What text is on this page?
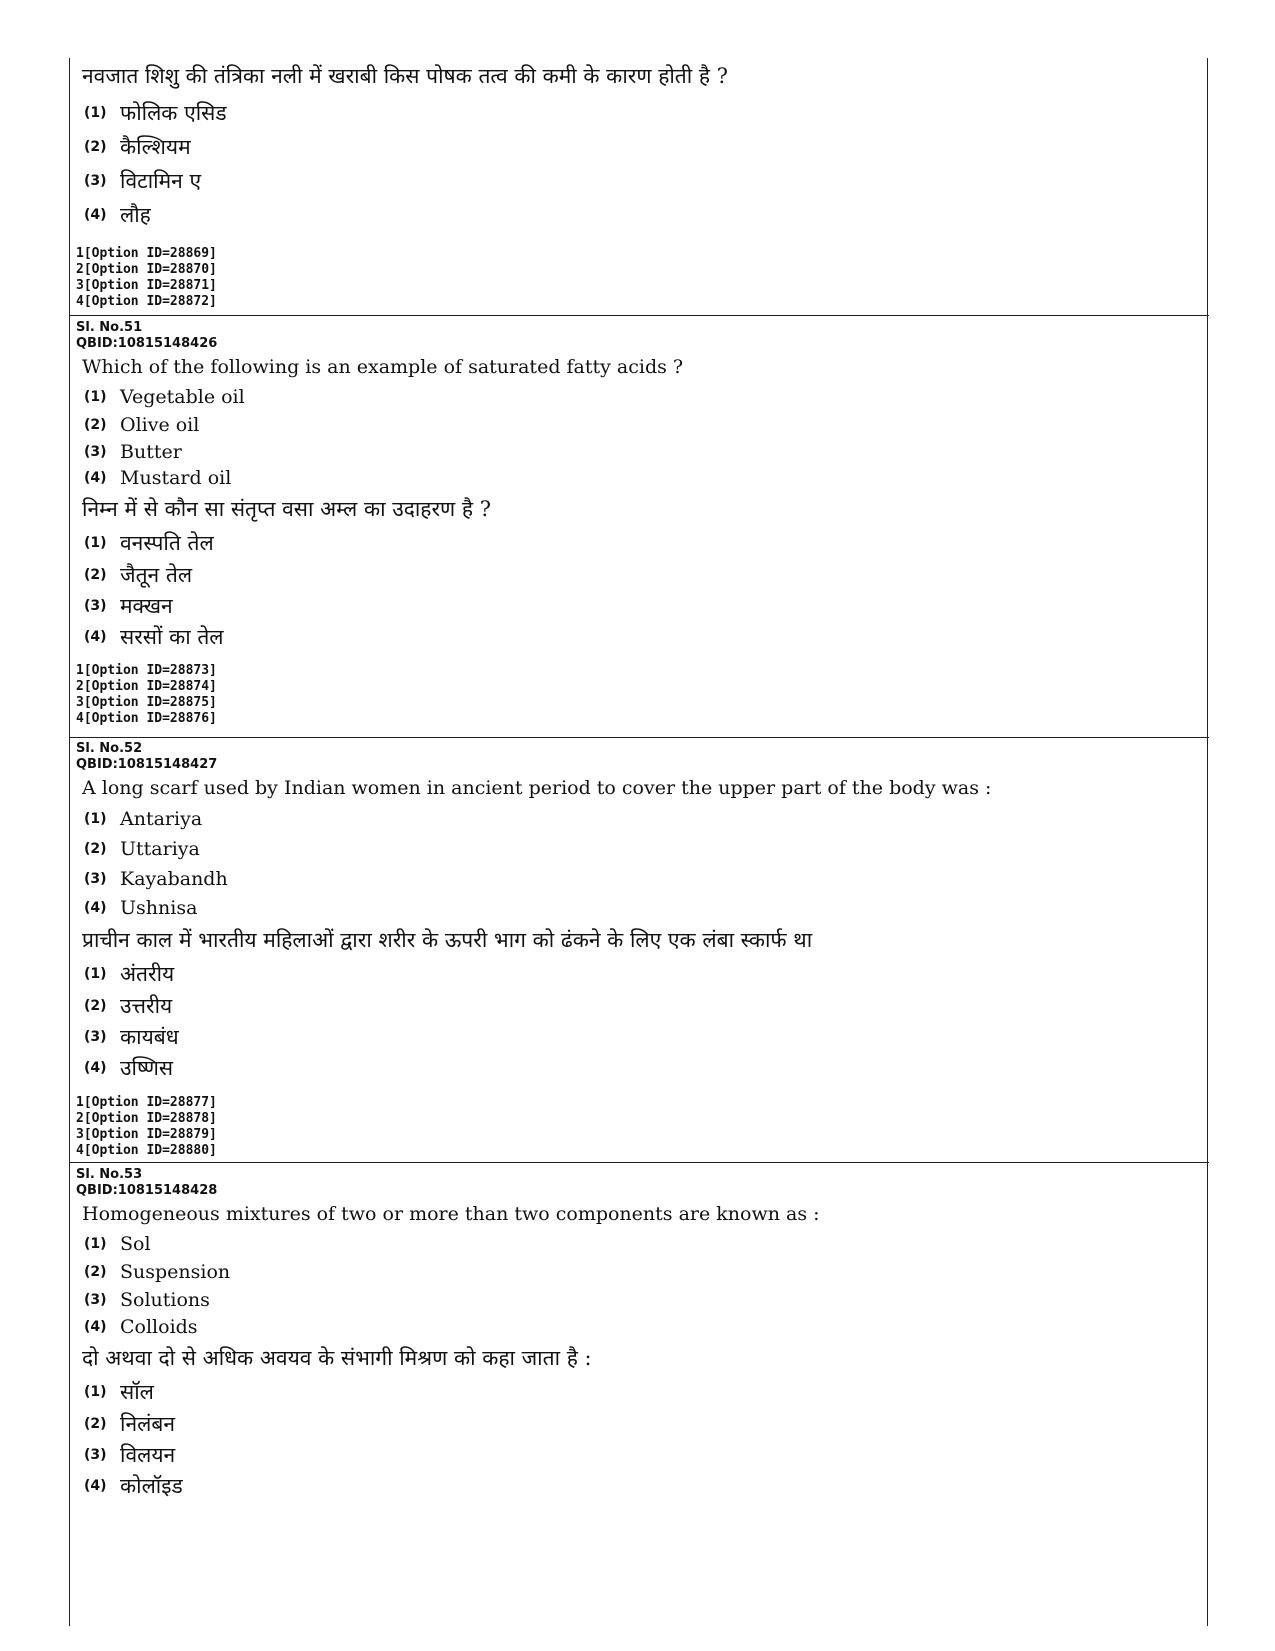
नवजात शिशु की तंत्रिका नली में खराबी किस पोषक तत्व की कमी के कारण होती है ?
(1) फोलिक एसिड
(2) कैल्शियम
(3) विटामिन ए
(4) लौह
1[Option ID=28869]
2[Option ID=28870]
3[Option ID=28871]
4[Option ID=28872]
Sl. No.51
QBID:10815148426
Which of the following is an example of saturated fatty acids ?
(1) Vegetable oil
(2) Olive oil
(3) Butter
(4) Mustard oil
निम्न में से कौन सा संतृप्त वसा अम्ल का उदाहरण है ?
(1) वनस्पति तेल
(2) जैतून तेल
(3) मक्खन
(4) सरसों का तेल
1[Option ID=28873]
2[Option ID=28874]
3[Option ID=28875]
4[Option ID=28876]
Sl. No.52
QBID:10815148427
A long scarf used by Indian women in ancient period to cover the upper part of the body was :
(1) Antariya
(2) Uttariya
(3) Kayabandh
(4) Ushnisa
प्राचीन काल में भारतीय महिलाओं द्वारा शरीर के ऊपरी भाग को ढंकने के लिए एक लंबा स्कार्फ था
(1) अंतरीय
(2) उत्तरीय
(3) कायबंध
(4) उष्णिस
1[Option ID=28877]
2[Option ID=28878]
3[Option ID=28879]
4[Option ID=28880]
Sl. No.53
QBID:10815148428
Homogeneous mixtures of two or more than two components are known as :
(1) Sol
(2) Suspension
(3) Solutions
(4) Colloids
दो अथवा दो से अधिक अवयव के संभागी मिश्रण को कहा जाता है :
(1) सॉल
(2) निलंबन
(3) विलयन
(4) कोलॉइड
